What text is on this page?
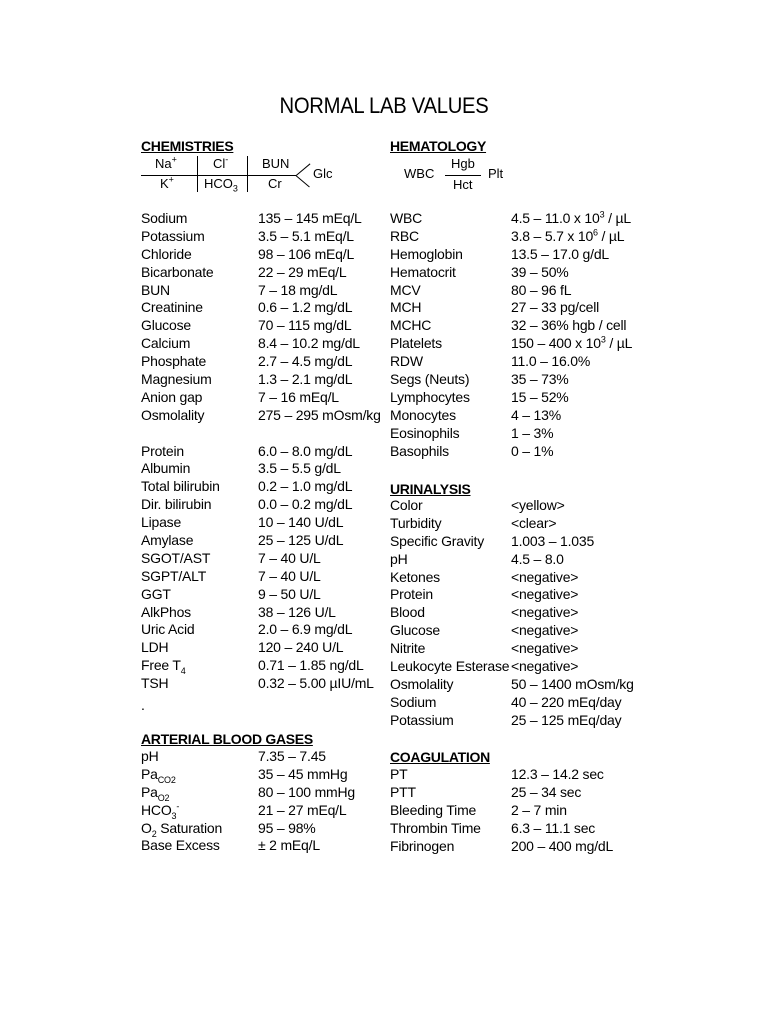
NORMAL LAB VALUES
CHEMISTRIES
Na+	Cl-	BUN
K+ $HCO_3$ Cr
Glc
Sodium	135 – 145 mEq/L
Potassium	3.5 – 5.1 mEq/L
Chloride	98 – 106 mEq/L
Bicarbonate	22 – 29 mEq/L
BUN	7 – 18 mg/dL
Creatinine	0.6 – 1.2 mg/dL
Glucose	70 – 115 mg/dL
Calcium	8.4 – 10.2 mg/dL
Phosphate	2.7 – 4.5 mg/dL
Magnesium	1.3 – 2.1 mg/dL
Anion gap	7 – 16 mEq/L
Osmolality	275 – 295 mOsm/kg
Protein	6.0 – 8.0 mg/dL
Albumin	3.5 – 5.5 g/dL
Total bilirubin	0.2 – 1.0 mg/dL
Dir. bilirubin	0.0 – 0.2 mg/dL
Lipase	10 – 140 U/dL
Amylase	25 – 125 U/dL
SGOT/AST	7 – 40 U/L
SGPT/ALT	7 – 40 U/L
GGT	9 – 50 U/L
AlkPhos	38 – 126 U/L
Uric Acid	2.0 – 6.9 mg/dL
LDH	120 – 240 U/L
Free $T_4$	0.71 – 1.85 ng/dL
TSH	0.32 – 5.00 µIU/mL
.
ARTERIAL BLOOD GASES
pH	7.35 – 7.45
$Pa_{CO2}$	35 – 45 mmHg
$Pa_{O2}$	80 – 100 mmHg
$HCO_3^-$	21 – 27 mEq/L
$O_2$ Saturation	95 – 98%
Base Excess	± 2 mEq/L
HEMATOLOGY
WBC
Hgb
Hct
Plt
WBC	4.5 – 11.0 x $10^3$ / µL
RBC	3.8 – 5.7 x $10^6$ / µL
Hemoglobin	13.5 – 17.0 g/dL
Hematocrit	39 – 50%
MCV	80 – 96 fL
MCH	27 – 33 pg/cell
MCHC	32 – 36% hgb / cell
Platelets	150 – 400 x $10^3$ / µL
RDW	11.0 – 16.0%
Segs (Neuts)	35 – 73%
Lymphocytes	15 – 52%
Monocytes	4 – 13%
Eosinophils	1 – 3%
Basophils	0 – 1%
URINALYSIS
Color	<yellow>
Turbidity	<clear>
Specific Gravity 1.003 – 1.035
pH	4.5 – 8.0
Ketones	<negative>
Protein	<negative>
Blood	<negative>
Glucose	<negative>
Nitrite	<negative>
Leukocyte Esterase <negative>
Osmolality	50 – 1400 mOsm/kg
Sodium	40 – 220 mEq/day
Potassium	25 – 125 mEq/day
COAGULATION
PT	12.3 – 14.2 sec
PTT	25 – 34 sec
Bleeding Time 2 – 7 min
Thrombin Time 6.3 – 11.1 sec
Fibrinogen	200 – 400 mg/dL
